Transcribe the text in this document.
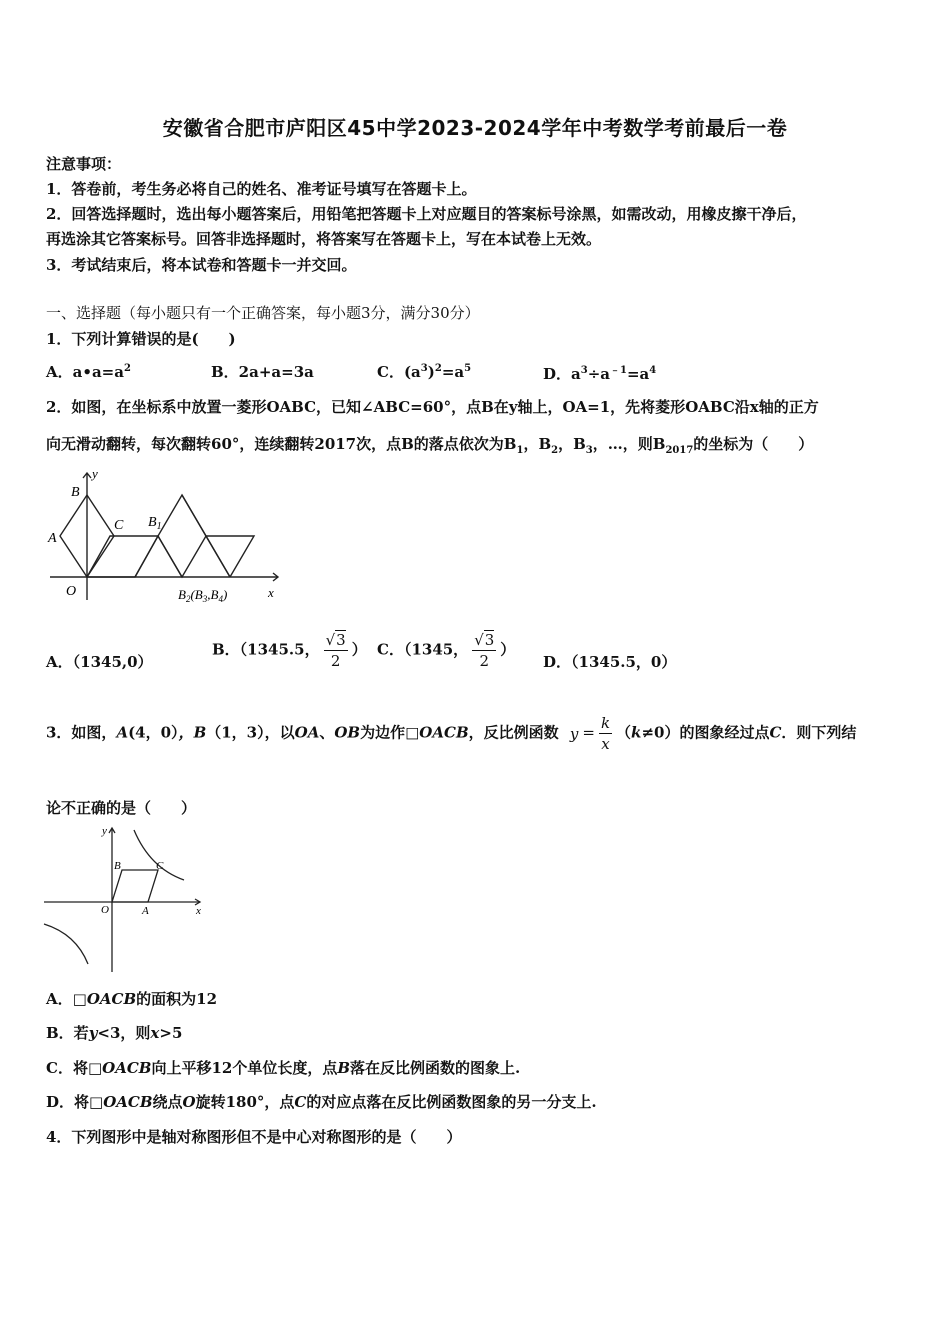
安徽省合肥市庐阳区45中学2023-2024学年中考数学考前最后一卷
注意事项：
1．答卷前，考生务必将自己的姓名、准考证号填写在答题卡上。
2．回答选择题时，选出每小题答案后，用铅笔把答题卡上对应题目的答案标号涂黑，如需改动，用橡皮擦干净后，
再选涂其它答案标号。回答非选择题时，将答案写在答题卡上，写在本试卷上无效。
3．考试结束后，将本试卷和答题卡一并交回。
一、选择题（每小题只有一个正确答案，每小题3分，满分30分）
1．下列计算错误的是(　　)
A．$a•a=a^2$	B．2a+a=3a	C．$(a^3)^2=a^5$	D．$a^3\div a^{﹣1}=a^4$
2．如图，在坐标系中放置一菱形OABC，已知∠ABC=60°，点B在y轴上，OA=1，先将菱形OABC沿x轴的正方
向无滑动翻转，每次翻转60°，连续翻转2017次，点B的落点依次为$B_1$，$B_2$，$B_3$，…，则$B_{2017}$的坐标为（　　）
y
B
C $B_1$
A
O	x
$B_2(B_3,B_4)$
A．（1345,0）
B．（1345.5， $\frac{√3}{2}$ ） C．（1345， $\frac{√3}{2}$ ）
D．（1345.5，0）
3．如图，A(4，0），B（1，3），以OA、OB为边作□OACB，反比例函数 $y = \frac{k}{x} (k\ne 0)$的图象经过点C．则下列结
论不正确的是（　　）
y
B	C
O	A	x
A．□OACB的面积为12
B．若y<3，则x>5
C．将□OACB向上平移12个单位长度，点B落在反比例函数的图象上.
D．将□OACB绕点O旋转180°，点C的对应点落在反比例函数图象的另一分支上.
4．下列图形中是轴对称图形但不是中心对称图形的是（　　）
